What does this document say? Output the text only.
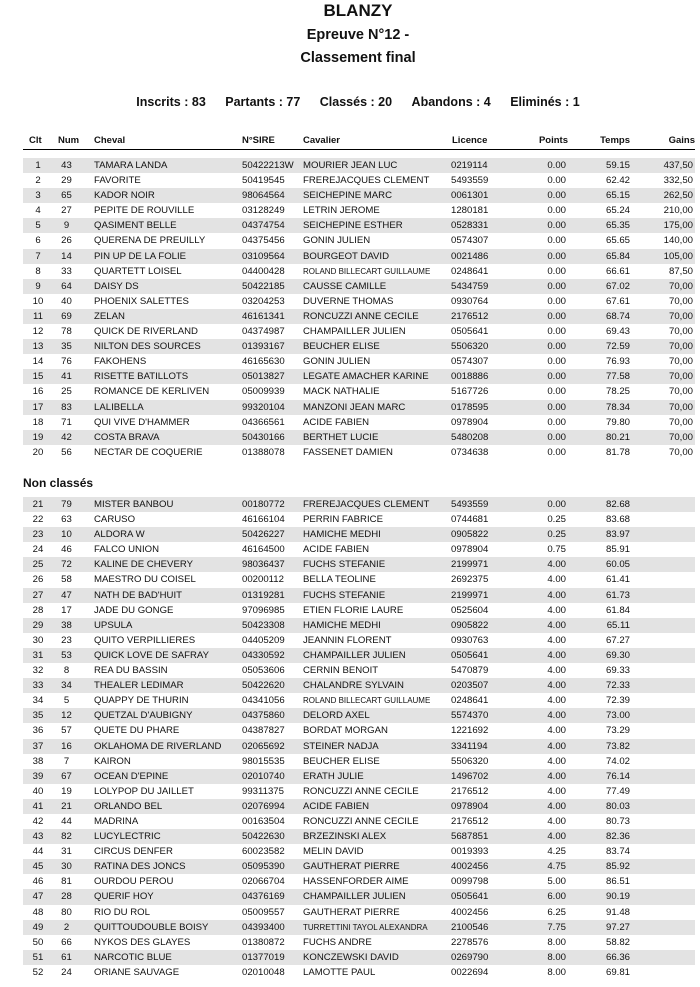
BLANZY
Epreuve N°12 -
Classement final
Inscrits : 83 Partants : 77 Classés : 20 Abandons : 4 Eliminés : 1
Clt Num Cheval	N°SIRE	Cavalier	Licence	Points	Temps	Gains
1	43	TAMARA LANDA	50422213W MOURIER JEAN LUC	0219114	0.00	59.15	437,50
2	29	FAVORITE	50419545 FREREJACQUES CLEMENT 5493559	0.00	62.42	332,50
3	65	KADOR NOIR	98064564 SEICHEPINE MARC	0061301	0.00	65.15	262,50
4	27	PEPITE DE ROUVILLE	03128249 LETRIN JEROME	1280181	0.00	65.24	210,00
5	9	QASIMENT BELLE	04374754 SEICHEPINE ESTHER	0528331	0.00	65.35	175,00
6	26	QUERENA DE PREUILLY	04375456 GONIN JULIEN	0574307	0.00	65.65	140,00
7	14	PIN UP DE LA FOLIE	03109564 BOURGEOT DAVID	0021486	0.00	65.84	105,00
8	33	QUARTETT LOISEL	04400428 ROLAND BILLECART GUILLAUME 0248641	0.00	66.61	87,50
9	64	DAISY DS	50422185 CAUSSE CAMILLE	5434759	0.00	67.02	70,00
10	40	PHOENIX SALETTES	03204253 DUVERNE THOMAS	0930764	0.00	67.61	70,00
11	69	ZELAN	46161341 RONCUZZI ANNE CECILE	2176512	0.00	68.74	70,00
12	78	QUICK DE RIVERLAND	04374987 CHAMPAILLER JULIEN	0505641	0.00	69.43	70,00
13	35	NILTON DES SOURCES	01393167 BEUCHER ELISE	5506320	0.00	72.59	70,00
14	76	FAKOHENS	46165630 GONIN JULIEN	0574307	0.00	76.93	70,00
15	41	RISETTE BATILLOTS	05013827 LEGATE AMACHER KARINE 0018886	0.00	77.58	70,00
16	25	ROMANCE DE KERLIVEN	05009939 MACK NATHALIE	5167726	0.00	78.25	70,00
17	83	LALIBELLA	99320104 MANZONI JEAN MARC	0178595	0.00	78.34	70,00
18	71	QUI VIVE D'HAMMER	04366561 ACIDE FABIEN	0978904	0.00	79.80	70,00
19	42	COSTA BRAVA	50430166 BERTHET LUCIE	5480208	0.00	80.21	70,00
20	56	NECTAR DE COQUERIE	01388078 FASSENET DAMIEN	0734638	0.00	81.78	70,00
Non classés
21	79	MISTER BANBOU	00180772 FREREJACQUES CLEMENT 5493559	0.00	82.68
22	63	CARUSO	46166104 PERRIN FABRICE	0744681	0.25	83.68
23	10	ALDORA W	50426227 HAMICHE MEDHI	0905822	0.25	83.97
24	46	FALCO UNION	46164500 ACIDE FABIEN	0978904	0.75	85.91
25	72	KALINE DE CHEVERY	98036437 FUCHS STEFANIE	2199971	4.00	60.05
26	58	MAESTRO DU COISEL	00200112 BELLA TEOLINE	2692375	4.00	61.41
27	47	NATH DE BAD'HUIT	01319281 FUCHS STEFANIE	2199971	4.00	61.73
28	17	JADE DU GONGE	97096985 ETIEN FLORIE LAURE	0525604	4.00	61.84
29	38	UPSULA	50423308 HAMICHE MEDHI	0905822	4.00	65.11
30	23	QUITO VERPILLIERES	04405209 JEANNIN FLORENT	0930763	4.00	67.27
31	53	QUICK LOVE DE SAFRAY	04330592 CHAMPAILLER JULIEN	0505641	4.00	69.30
32	8	REA DU BASSIN	05053606 CERNIN BENOIT	5470879	4.00	69.33
33	34	THEALER LEDIMAR	50422620 CHALANDRE SYLVAIN	0203507	4.00	72.33
34	5	QUAPPY DE THURIN	04341056 ROLAND BILLECART GUILLAUME 0248641	4.00	72.39
35	12	QUETZAL D'AUBIGNY	04375860 DELORD AXEL	5574370	4.00	73.00
36	57	QUETE DU PHARE	04387827 BORDAT MORGAN	1221692	4.00	73.29
37	16	OKLAHOMA DE RIVERLAND 02065692 STEINER NADJA	3341194	4.00	73.82
38	7	KAIRON	98015535 BEUCHER ELISE	5506320	4.00	74.02
39	67	OCEAN D'EPINE	02010740 ERATH JULIE	1496702	4.00	76.14
40	19	LOLYPOP DU JAILLET	99311375 RONCUZZI ANNE CECILE	2176512	4.00	77.49
41	21	ORLANDO BEL	02076994 ACIDE FABIEN	0978904	4.00	80.03
42	44	MADRINA	00163504 RONCUZZI ANNE CECILE	2176512	4.00	80.73
43	82	LUCYLECTRIC	50422630 BRZEZINSKI ALEX	5687851	4.00	82.36
44	31	CIRCUS DENFER	60023582 MELIN DAVID	0019393	4.25	83.74
45	30	RATINA DES JONCS	05095390 GAUTHERAT PIERRE	4002456	4.75	85.92
46	81	OURDOU PEROU	02066704 HASSENFORDER AIME	0099798	5.00	86.51
47	28	QUERIF HOY	04376169 CHAMPAILLER JULIEN	0505641	6.00	90.19
48	80	RIO DU ROL	05009557 GAUTHERAT PIERRE	4002456	6.25	91.48
49	2	QUITTOUDOUBLE BOISY	04393400 TURRETTINI TAYOL ALEXANDRA 2100546	7.75	97.27
50	66	NYKOS DES GLAYES	01380872 FUCHS ANDRE	2278576	8.00	58.82
51	61	NARCOTIC BLUE	01377019 KONCZEWSKI DAVID	0269790	8.00	66.36
52	24	ORIANE SAUVAGE	02010048 LAMOTTE PAUL	0022694	8.00	69.81
